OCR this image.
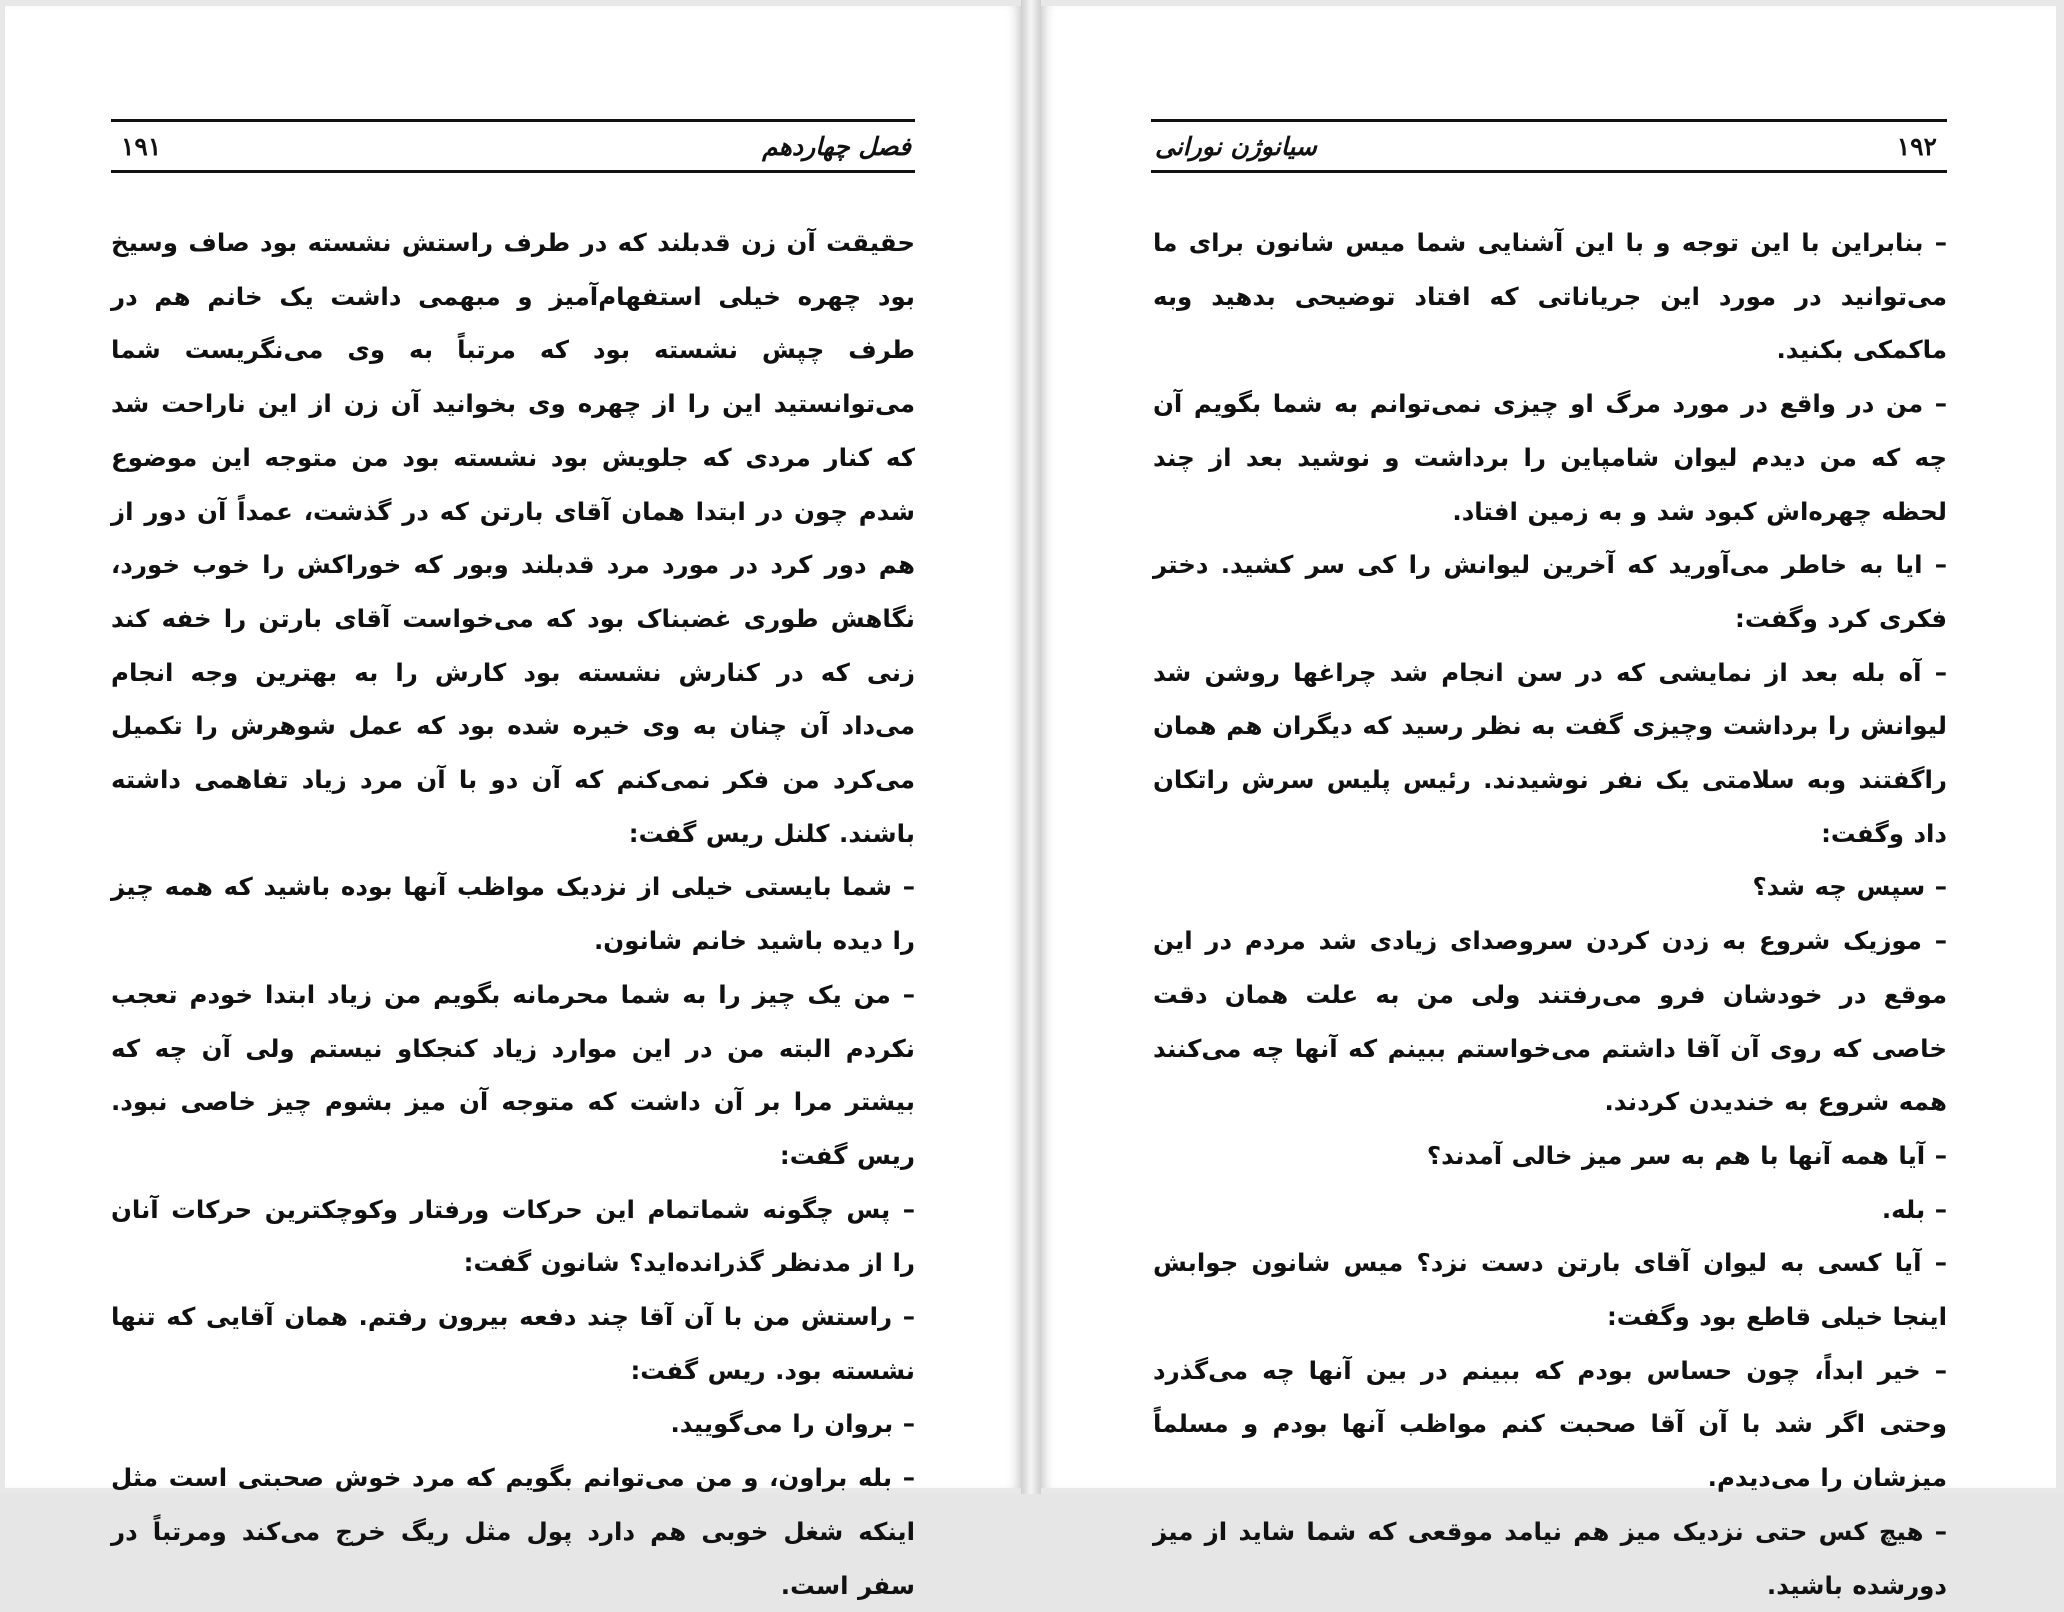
فصل چهاردهم
۱۹۱

حقیقت آن زن قدبلند که در طرف راستش نشسته بود صاف وسیخ بود چهره خیلی استفهام‌آمیز و مبهمی داشت یک خانم هم در طرف چپش نشسته بود که مرتباً به وی می‌نگریست شما می‌توانستید این را از چهره وی بخوانید آن زن از این ناراحت شد که کنار مردی که جلویش بود نشسته بود من متوجه این موضوع شدم چون در ابتدا همان آقای بارتن که در گذشت، عمداً آن دور از هم دور کرد در مورد مرد قدبلند وبور که خوراکش را خوب خورد، نگاهش طوری غضبناک بود که می‌خواست آقای بارتن را خفه کند زنی که در کنارش نشسته بود کارش را به بهترین وجه انجام می‌داد آن چنان به وی خیره شده بود که عمل شوهرش را تکمیل می‌کرد من فکر نمی‌کنم که آن دو با آن مرد زیاد تفاهمی داشته باشند. کلنل ریس گفت:

– شما بایستی خیلی از نزدیک مواظب آنها بوده باشید که همه چیز را دیده باشید خانم شانون.

– من یک چیز را به شما محرمانه بگویم من زیاد ابتدا خودم تعجب نکردم البته من در این موارد زیاد کنجکاو نیستم ولی آن چه که بیشتر مرا بر آن داشت که متوجه آن میز بشوم چیز خاصی نبود. ریس گفت:

– پس چگونه شماتمام این حرکات ورفتار وکوچکترین حرکات آنان را از مدنظر گذرانده‌اید؟ شانون گفت:

– راستش من با آن آقا چند دفعه بیرون رفتم. همان آقایی که تنها نشسته بود. ریس گفت:

– بروان را می‌گویید.

– بله براون، و من می‌توانم بگویم که مرد خوش صحبتی است مثل اینکه شغل خوبی هم دارد پول مثل ریگ خرج می‌کند ومرتباً در سفر است.

۱۹۲
سیانوژن نورانی

– بنابراین با این توجه و با این آشنایی شما میس شانون برای ما می‌توانید در مورد این جریاناتی که افتاد توضیحی بدهید وبه ماکمکی بکنید.

– من در واقع در مورد مرگ او چیزی نمی‌توانم به شما بگویم آن چه که من دیدم لیوان شامپاین را برداشت و نوشید بعد از چند لحظه چهره‌اش کبود شد و به زمین افتاد.

– ایا به خاطر می‌آورید که آخرین لیوانش را کی سر کشید. دختر فکری کرد وگفت:

– آه بله بعد از نمایشی که در سن انجام شد چراغها روشن شد لیوانش را برداشت وچیزی گفت به نظر رسید که دیگران هم همان راگفتند وبه سلامتی یک نفر نوشیدند. رئیس پلیس سرش راتکان داد وگفت:

– سپس چه شد؟

– موزیک شروع به زدن کردن سروصدای زیادی شد مردم در این موقع در خودشان فرو می‌رفتند ولی من به علت همان دقت خاصی که روی آن آقا داشتم می‌خواستم ببینم که آنها چه می‌کنند همه شروع به خندیدن کردند.

– آیا همه آنها با هم به سر میز خالی آمدند؟

– بله.

– آیا کسی به لیوان آقای بارتن دست نزد؟ میس شانون جوابش اینجا خیلی قاطع بود وگفت:

– خیر ابداً، چون حساس بودم که ببینم در بین آنها چه می‌گذرد وحتی اگر شد با آن آقا صحبت کنم مواظب آنها بودم و مسلماً میزشان را می‌دیدم.

– هیچ کس حتی نزدیک میز هم نیامد موقعی که شما شاید از میز دورشده باشید.
